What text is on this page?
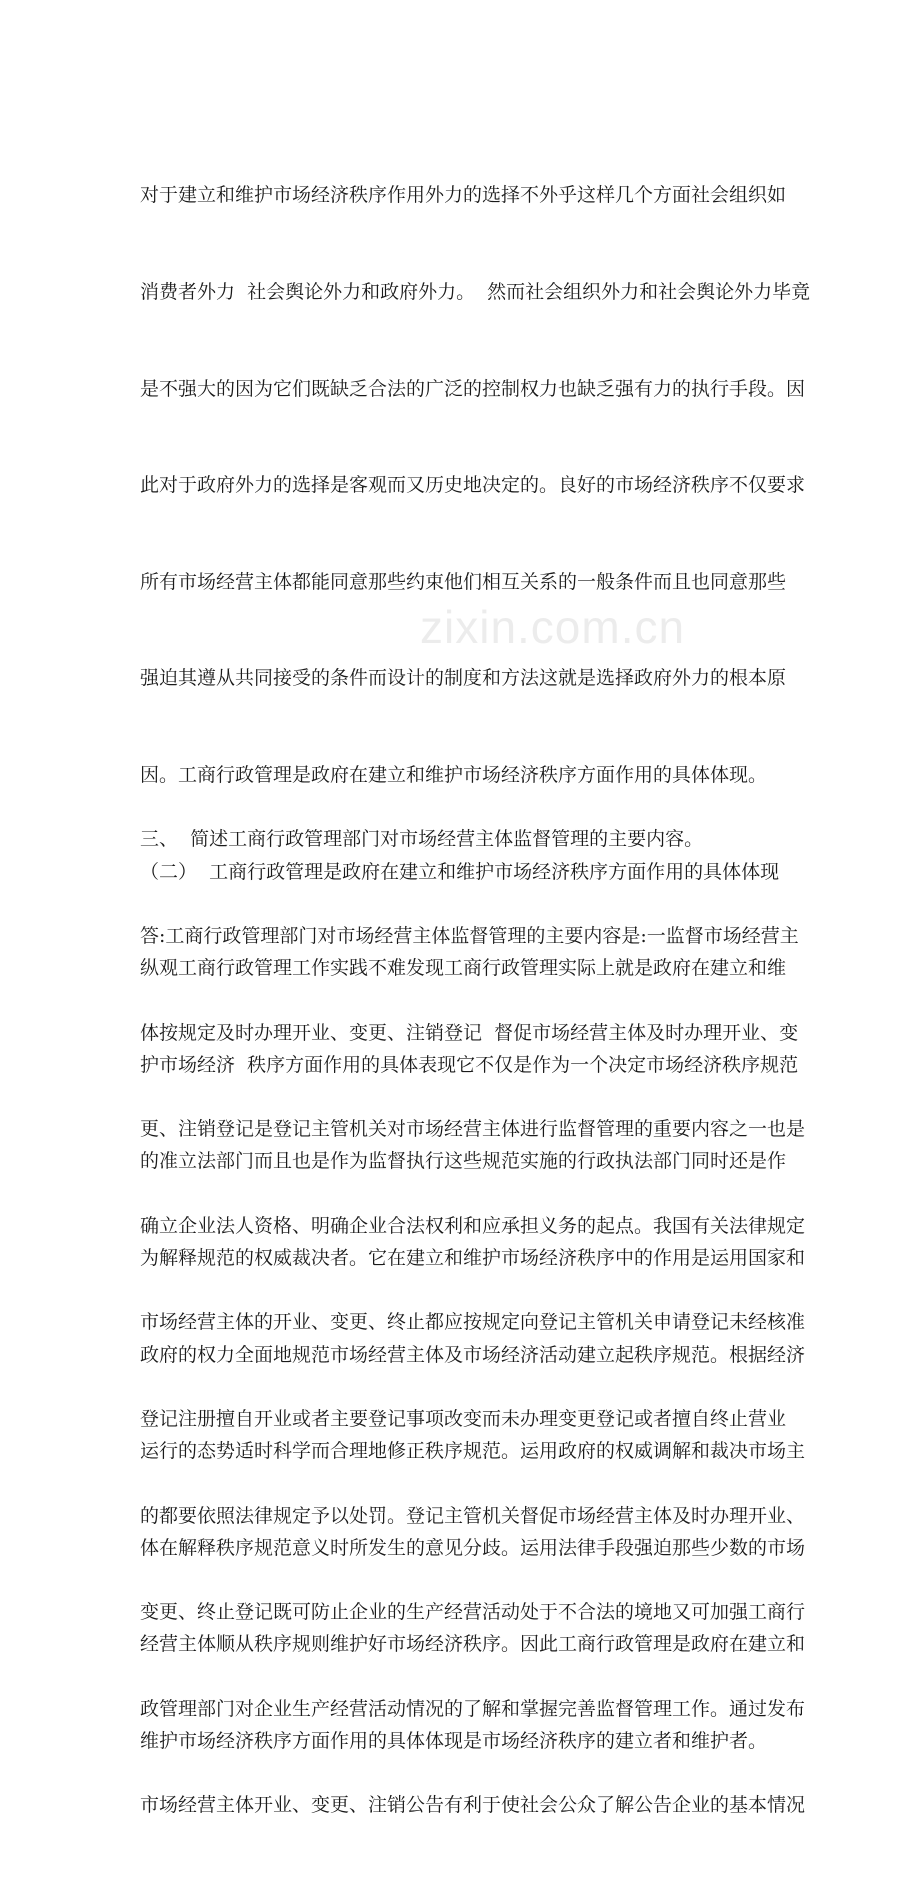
zixin.com.cn

对于建立和维护市场经济秩序作用外力的选择不外乎这样几个方面社会组织如

消费者外力  社会舆论外力和政府外力。  然而社会组织外力和社会舆论外力毕竟

是不强大的因为它们既缺乏合法的广泛的控制权力也缺乏强有力的执行手段。因

此对于政府外力的选择是客观而又历史地决定的。良好的市场经济秩序不仅要求

所有市场经营主体都能同意那些约束他们相互关系的一般条件而且也同意那些

强迫其遵从共同接受的条件而设计的制度和方法这就是选择政府外力的根本原

因。工商行政管理是政府在建立和维护市场经济秩序方面作用的具体体现。

（二）  工商行政管理是政府在建立和维护市场经济秩序方面作用的具体体现

纵观工商行政管理工作实践不难发现工商行政管理实际上就是政府在建立和维

护市场经济  秩序方面作用的具体表现它不仅是作为一个决定市场经济秩序规范

的准立法部门而且也是作为监督执行这些规范实施的行政执法部门同时还是作

为解释规范的权威裁决者。它在建立和维护市场经济秩序中的作用是运用国家和

政府的权力全面地规范市场经营主体及市场经济活动建立起秩序规范。根据经济

运行的态势适时科学而合理地修正秩序规范。运用政府的权威调解和裁决市场主

体在解释秩序规范意义时所发生的意见分歧。运用法律手段强迫那些少数的市场

经营主体顺从秩序规则维护好市场经济秩序。因此工商行政管理是政府在建立和

维护市场经济秩序方面作用的具体体现是市场经济秩序的建立者和维护者。

三、  简述工商行政管理部门对市场经营主体监督管理的主要内容。

答:工商行政管理部门对市场经营主体监督管理的主要内容是:一监督市场经营主

体按规定及时办理开业、变更、注销登记  督促市场经营主体及时办理开业、变

更、注销登记是登记主管机关对市场经营主体进行监督管理的重要内容之一也是

确立企业法人资格、明确企业合法权利和应承担义务的起点。我国有关法律规定

市场经营主体的开业、变更、终止都应按规定向登记主管机关申请登记未经核准

登记注册擅自开业或者主要登记事项改变而未办理变更登记或者擅自终止营业

的都要依照法律规定予以处罚。登记主管机关督促市场经营主体及时办理开业、

变更、终止登记既可防止企业的生产经营活动处于不合法的境地又可加强工商行

政管理部门对企业生产经营活动情况的了解和掌握完善监督管理工作。通过发布

市场经营主体开业、变更、注销公告有利于使社会公众了解公告企业的基本情况
